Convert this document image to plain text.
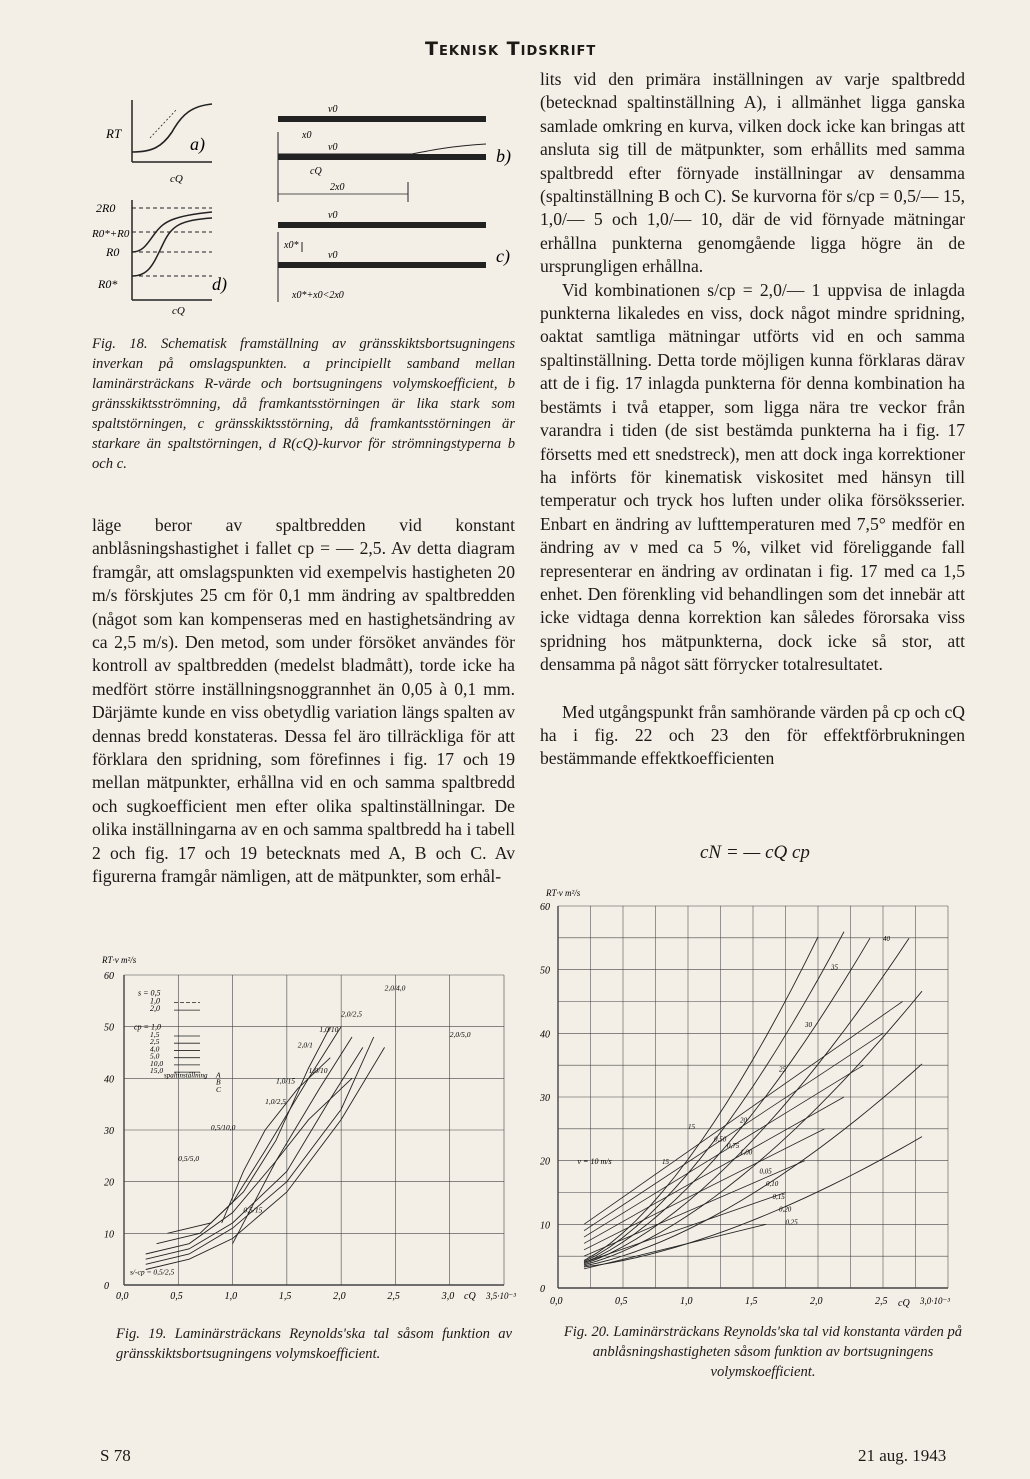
Teknisk Tidskrift
RT
a)
cQ
2R0
R0*+R0
R0
R0*	d)
cQ
v0
x0
v0
cQ
2x0
b)
v0
x0*
v0
x0*+x0<2x0
c)
Fig. 18. Schematisk framställning av gränsskiktsbortsugningens inverkan på omslagspunkten. a principiellt samband mellan laminärsträckans R-värde och bortsugningens volymskoefficient, b gränsskiktsströmning, då framkantsstörningen är lika stark som spaltstörningen, c gränsskiktsstörning, då framkantsstörningen är starkare än spaltstörningen, d R(cQ)-kurvor för strömningstyperna b och c.

läge beror av spaltbredden vid konstant anblåsningshastighet i fallet cp = — 2,5. Av detta diagram framgår, att omslagspunkten vid exempelvis hastigheten 20 m/s förskjutes 25 cm för 0,1 mm ändring av spaltbredden (något som kan kompenseras med en hastighetsändring av ca 2,5 m/s). Den metod, som under försöket användes för kontroll av spaltbredden (medelst bladmått), torde icke ha medfört större inställningsnoggrannhet än 0,05 à 0,1 mm. Därjämte kunde en viss obetydlig variation längs spalten av dennas bredd konstateras. Dessa fel äro tillräckliga för att förklara den spridning, som förefinnes i fig. 17 och 19 mellan mätpunkter, erhållna vid en och samma spaltbredd och sugkoefficient men efter olika spaltinställningar. De olika inställningarna av en och samma spaltbredd ha i tabell 2 och fig. 17 och 19 betecknats med A, B och C. Av figurerna framgår nämligen, att de mätpunkter, som erhål-

lits vid den primära inställningen av varje spaltbredd (betecknad spaltinställning A), i allmänhet ligga ganska samlade omkring en kurva, vilken dock icke kan bringas att ansluta sig till de mätpunkter, som erhållits med samma spaltbredd efter förnyade inställningar av densamma (spaltinställning B och C). Se kurvorna för s/cp = 0,5/— 15, 1,0/— 5 och 1,0/— 10, där de vid förnyade mätningar erhållna punkterna genomgående ligga högre än de ursprungligen erhållna.

Vid kombinationen s/cp = 2,0/— 1 uppvisa de inlagda punkterna likaledes en viss, dock något mindre spridning, oaktat samtliga mätningar utförts vid en och samma spaltinställning. Detta torde möjligen kunna förklaras därav att de i fig. 17 inlagda punkterna för denna kombination ha bestämts i två etapper, som ligga nära tre veckor från varandra i tiden (de sist bestämda punkterna ha i fig. 17 försetts med ett snedstreck), men att dock inga korrektioner ha införts för kinematisk viskositet med hänsyn till temperatur och tryck hos luften under olika försöksserier. Enbart en ändring av lufttemperaturen med 7,5° medför en ändring av ν med ca 5 %, vilket vid föreliggande fall representerar en ändring av ordinatan i fig. 17 med ca 1,5 enhet. Den förenkling vid behandlingen som det innebär att icke vidtaga denna korrektion kan således förorsaka viss spridning hos mätpunkterna, dock icke så stor, att densamma på något sätt förrycker totalresultatet.

Med utgångspunkt från samhörande värden på cp och cQ ha i fig. 22 och 23 den för effektförbrukningen bestämmande effektkoefficienten

cN = — cQ cp
60
50
40
30
20
10
0
0,0	0,5	1,0	1,5	2,0	2,5	3,0 cQ 3,5·10⁻³
RT·ν m²/s
s = 0,5
1,0
2,0
cp = 1,0
1,5
2,5
4,0
5,0
10,0
15,0
spaltinställning A
B
C
2,0/4,0
2,0/2,5
1,0/10
2,0/1
2,0/5,0
1,0/10
1,0/15
1,0/2,5
0,5/10,0
0,5/5,0
0,5/15
s/-cp = 0,5/2,5
Fig. 19. Laminärsträckans Reynolds'ska tal såsom funktion av gränsskiktsbortsugningens volymskoefficient.
60
50
40
30
20
10
0
0,0	0,5	1,0	1,5	2,0	2,5 cQ 3,0·10⁻³
RT·ν m²/s
v = 10 m/s
40
35
30
25
20
15
15
0,50
0,75
1,00
0,05
0,10
0,15
0,20
0,25
Fig. 20. Laminärsträckans Reynolds'ska tal vid konstanta värden på anblåsningshastigheten såsom funktion av bortsugningens volymskoefficient.
S 78	21 aug. 1943
